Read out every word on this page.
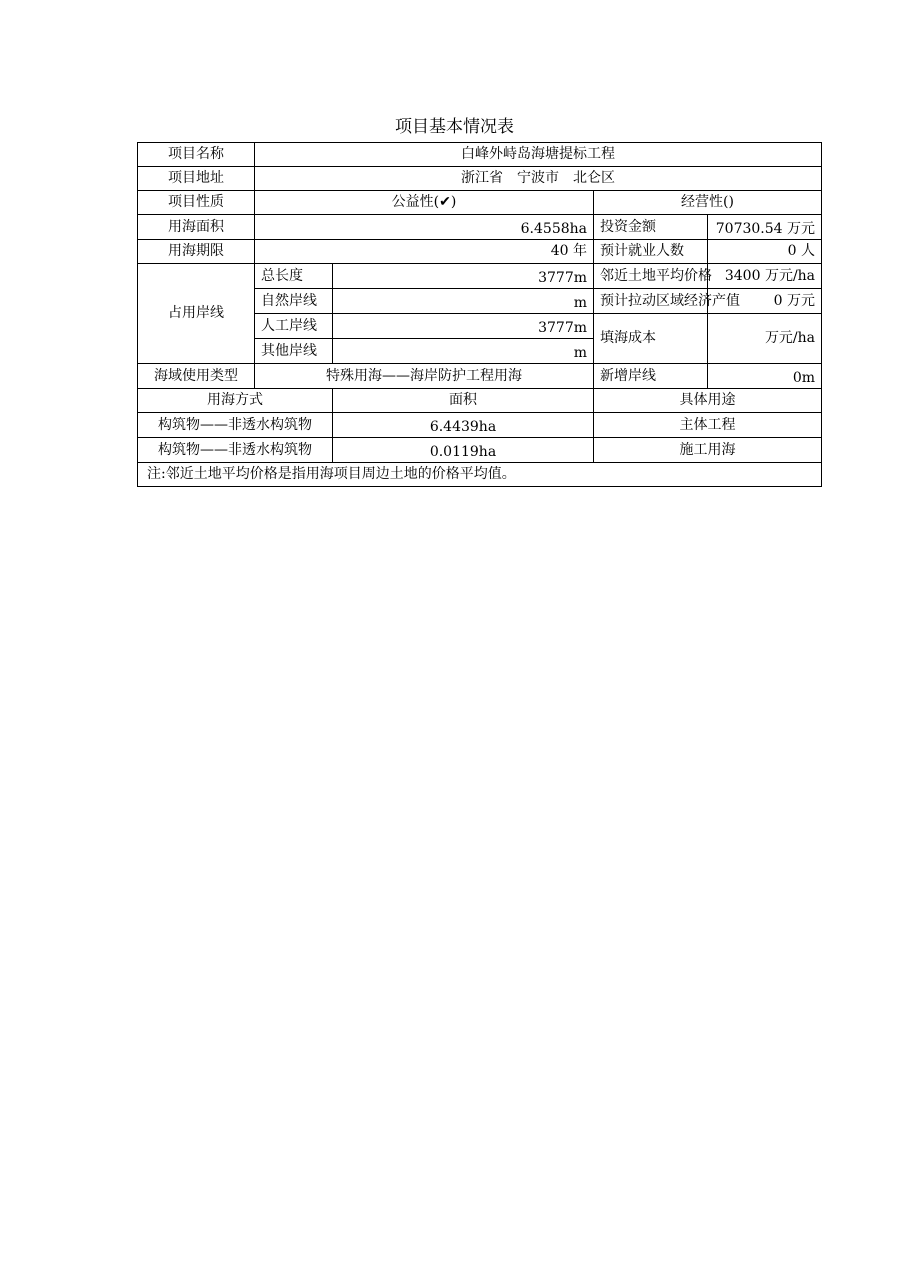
项目基本情况表
项目名称	白峰外峙岛海塘提标工程			
项目地址	浙江省　宁波市　北仑区			
项目性质	公益性(✔)		经营性()	
用海面积	6.4558ha		投资金额	70730.54 万元
用海期限	40 年		预计就业人数	0 人
占用岸线	总长度	3777m	邻近土地平均价格	3400 万元/ha
	自然岸线	m	预计拉动区域经济产值	0 万元
	人工岸线	3777m	填海成本	万元/ha
	其他岸线	m		
海域使用类型	特殊用海——海岸防护工程用海		新增岸线	0m
用海方式		面积	具体用途	
构筑物——非透水构筑物		6.4439ha	主体工程	
构筑物——非透水构筑物		0.0119ha	施工用海	
注:邻近土地平均价格是指用海项目周边土地的价格平均值。				
